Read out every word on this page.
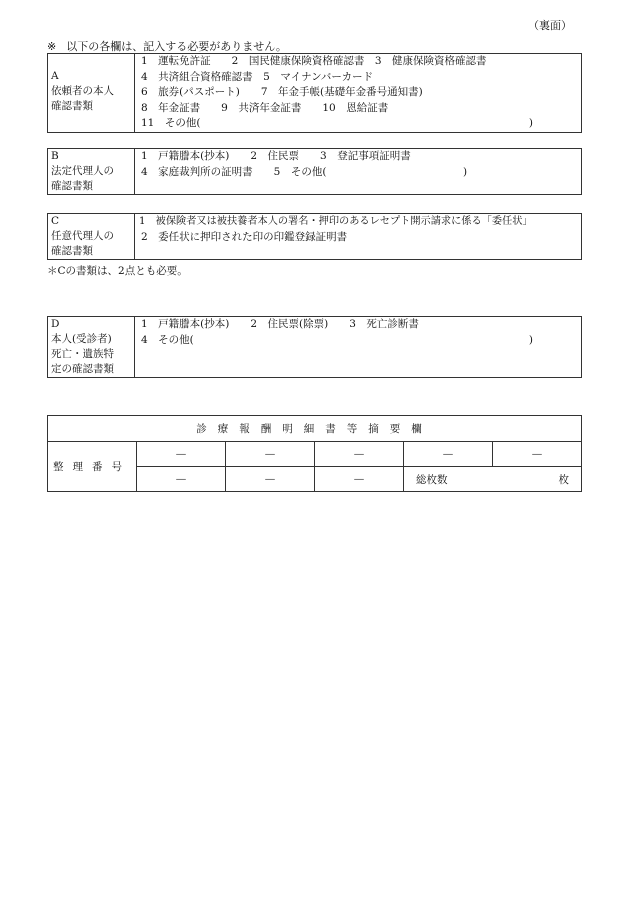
（裏面）
※ 以下の各欄は、記入する必要がありません。
A
依頼者の本人
確認書類

1　運転免許証　　2　国民健康保険資格確認書　3　健康保険資格確認書
4　共済組合資格確認書　5　マイナンバーカード
6　旅券(パスポート)　　7　年金手帳(基礎年金番号通知書)
8　年金証書　　9　共済年金証書　　10　恩給証書
11　その他(	)
B
法定代理人の
確認書類

1　戸籍謄本(抄本)　　2　住民票　　3　登記事項証明書
4　家庭裁判所の証明書　　5　その他(　　　　　　　　　　　　　)
C
任意代理人の
確認書類

1　被保険者又は被扶養者本人の署名・押印のあるレセプト開示請求に係る「委任状」
2　委任状に押印された印の印鑑登録証明書
＊Cの書類は、2点とも必要。
D
本人(受診者)
死亡・遺族特
定の確認書類

1　戸籍謄本(抄本)　　2　住民票(除票)　　3　死亡診断書
4　その他(	)
診療報酬明細書等摘要欄					
整理番号	—	—	—	—	—
	—	—	—	総枚数 枚	
